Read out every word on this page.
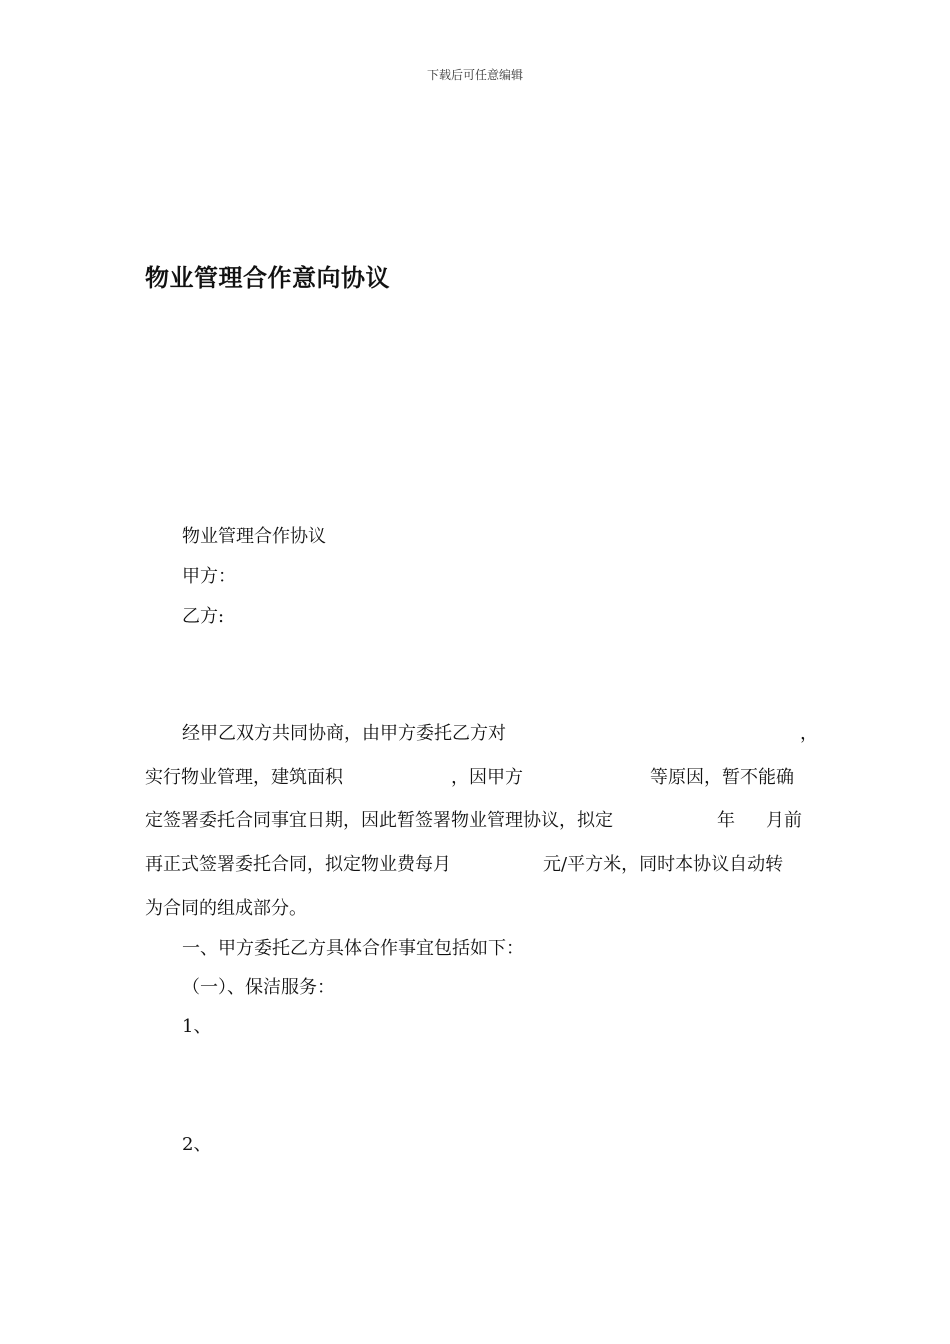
下载后可任意编辑
物业管理合作意向协议
物业管理合作协议
甲方：
乙方:
经甲乙双方共同协商，由甲方委托乙方对	，
实行物业管理，建筑面积	，因甲方	等原因，暂不能确
定签署委托合同事宜日期，因此暂签署物业管理协议，拟定	年 月前
再正式签署委托合同，拟定物业费每月	元/平方米，同时本协议自动转
为合同的组成部分。
一、甲方委托乙方具体合作事宜包括如下：
（一）、保洁服务：
1、
2、
